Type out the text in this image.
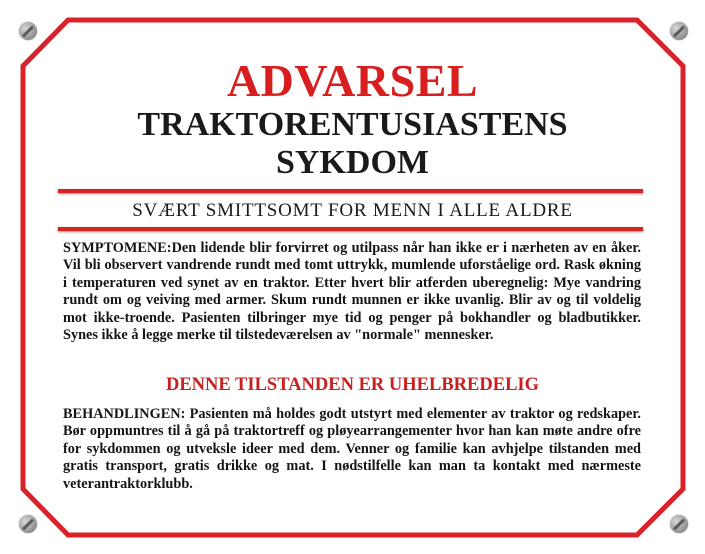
ADVARSEL
TRAKTORENTUSIASTENS
SYKDOM
SVÆRT SMITTSOMT FOR MENN I ALLE ALDRE
SYMPTOMENE:Den lidende blir forvirret og utilpass når han ikke er i nærheten av en åker. Vil bli observert vandrende rundt med tomt uttrykk, mumlende uforståelige ord. Rask økning i temperaturen ved synet av en traktor. Etter hvert blir atferden uberegnelig: Mye vandring rundt om og veiving med armer. Skum rundt munnen er ikke uvanlig. Blir av og til voldelig mot ikke-troende. Pasienten tilbringer mye tid og penger på bokhandler og bladbutikker. Synes ikke å legge merke til tilstedeværelsen av "normale" mennesker.
DENNE TILSTANDEN ER UHELBREDELIG
BEHANDLINGEN: Pasienten må holdes godt utstyrt med elementer av traktor og redskaper. Bør oppmuntres til å gå på traktortreff og pløyearrangementer hvor han kan møte andre ofre for sykdommen og utveksle ideer med dem. Venner og familie kan avhjelpe tilstanden med gratis transport, gratis drikke og mat. I nødstilfelle kan man ta kontakt med nærmeste veterantraktorklubb.
